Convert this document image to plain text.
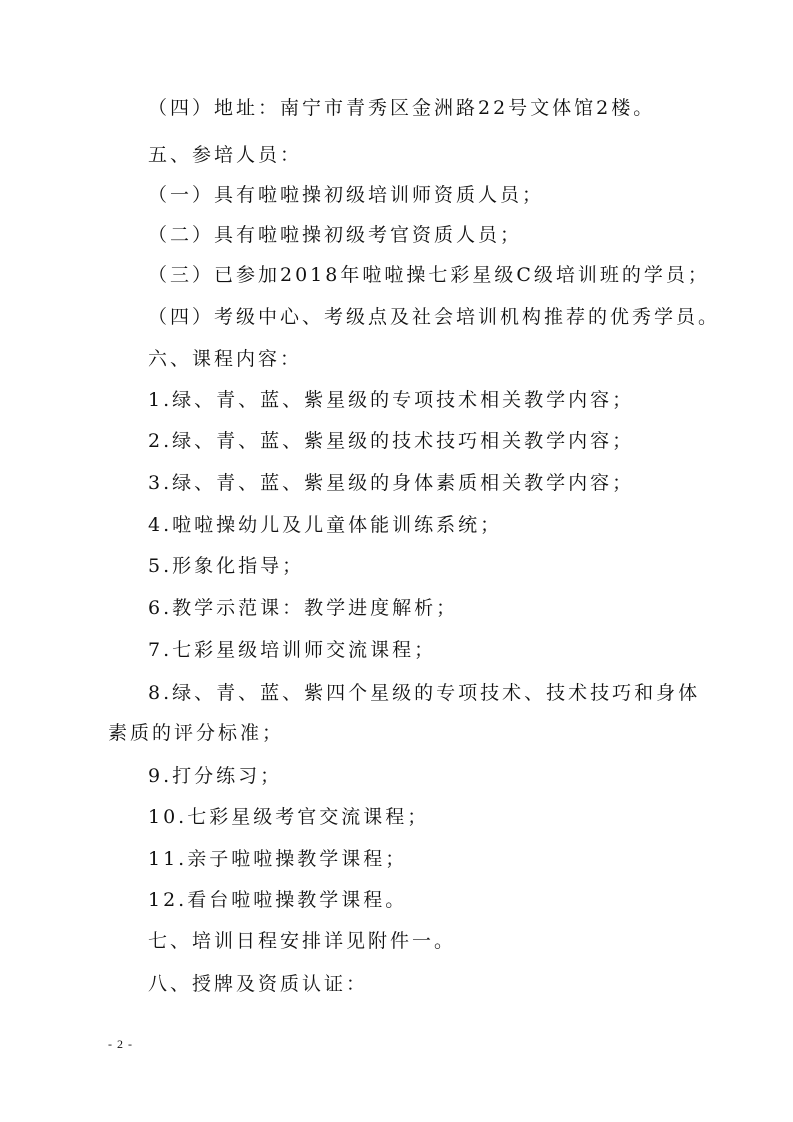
（四）地址：南宁市青秀区金洲路22号文体馆2楼。
五、参培人员：
（一）具有啦啦操初级培训师资质人员；
（二）具有啦啦操初级考官资质人员；
（三）已参加2018年啦啦操七彩星级C级培训班的学员；
（四）考级中心、考级点及社会培训机构推荐的优秀学员。
六、课程内容：
1.绿、青、蓝、紫星级的专项技术相关教学内容；
2.绿、青、蓝、紫星级的技术技巧相关教学内容；
3.绿、青、蓝、紫星级的身体素质相关教学内容；
4.啦啦操幼儿及儿童体能训练系统；
5.形象化指导；
6.教学示范课：教学进度解析；
7.七彩星级培训师交流课程；
8.绿、青、蓝、紫四个星级的专项技术、技术技巧和身体
素质的评分标准；
9.打分练习；
10.七彩星级考官交流课程；
11.亲子啦啦操教学课程；
12.看台啦啦操教学课程。
七、培训日程安排详见附件一。
八、授牌及资质认证：
- 2 -
